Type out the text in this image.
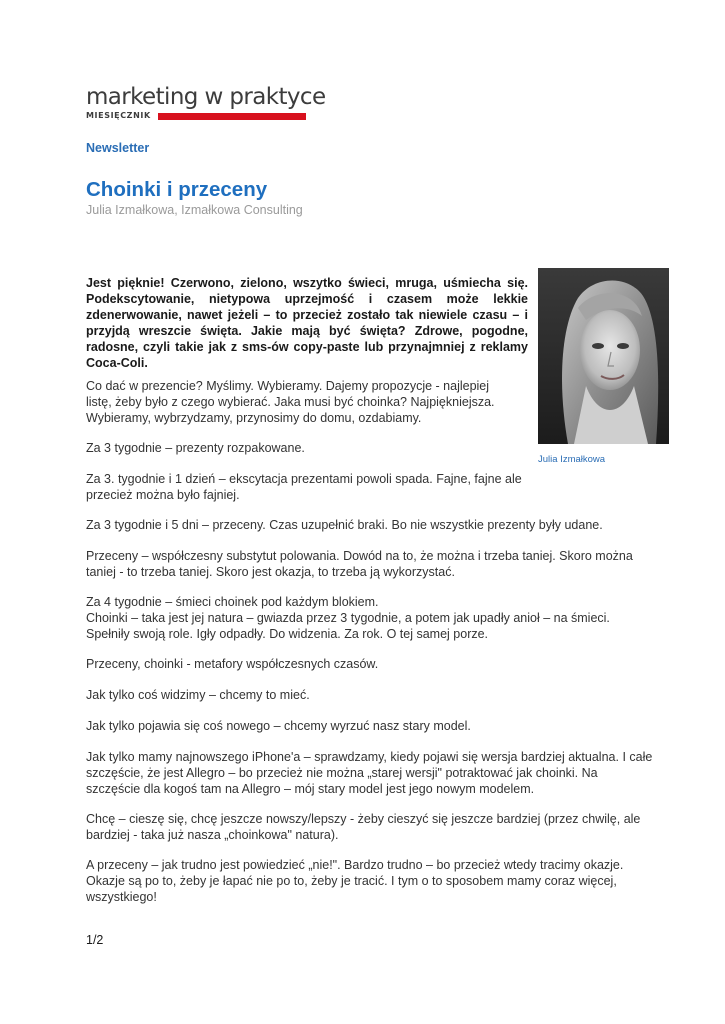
marketing w praktyce
MIESIĘCZNIK

Newsletter

Choinki i przeceny

Julia Izmałkowa, Izmałkowa Consulting

Jest pięknie! Czerwono, zielono, wszytko świeci, mruga, uśmiecha się. Podekscytowanie, nietypowa uprzejmość i czasem może lekkie zdenerwowanie, nawet jeżeli – to przecież zostało tak niewiele czasu – i przyjdą wreszcie święta. Jakie mają być święta? Zdrowe, pogodne, radosne, czyli takie jak z sms-ów copy-paste lub przynajmniej z reklamy Coca-Coli.

Julia Izmałkowa

Co dać w prezencie? Myślimy. Wybieramy. Dajemy propozycje - najlepiej
listę, żeby było z czego wybierać. Jaka musi być choinka? Najpiękniejsza.
Wybieramy, wybrzydzamy, przynosimy do domu, ozdabiamy.
Za 3 tygodnie – prezenty rozpakowane.
Za 3. tygodnie i 1 dzień – ekscytacja prezentami powoli spada. Fajne, fajne ale
przecież można było fajniej.
Za 3 tygodnie i 5 dni – przeceny. Czas uzupełnić braki. Bo nie wszystkie prezenty były udane.
Przeceny – współczesny substytut polowania. Dowód na to, że można i trzeba taniej. Skoro można
taniej - to trzeba taniej. Skoro jest okazja, to trzeba ją wykorzystać.
Za 4 tygodnie – śmieci choinek pod każdym blokiem.
Choinki – taka jest jej natura – gwiazda przez 3 tygodnie, a potem jak upadły anioł – na śmieci.
Spełniły swoją role. Igły odpadły. Do widzenia. Za rok. O tej samej porze.
Przeceny, choinki - metafory współczesnych czasów.
Jak tylko coś widzimy – chcemy to mieć.
Jak tylko pojawia się coś nowego – chcemy wyrzuć nasz stary model.
Jak tylko mamy najnowszego iPhone'a – sprawdzamy, kiedy pojawi się wersja bardziej aktualna. I całe
szczęście, że jest Allegro – bo przecież nie można „starej wersji" potraktować jak choinki. Na
szczęście dla kogoś tam na Allegro – mój stary model jest jego nowym modelem.
Chcę – cieszę się, chcę jeszcze nowszy/lepszy - żeby cieszyć się jeszcze bardziej (przez chwilę, ale
bardziej - taka już nasza „choinkowa" natura).
A przeceny – jak trudno jest powiedzieć „nie!". Bardzo trudno – bo przecież wtedy tracimy okazje.
Okazje są po to, żeby je łapać nie po to, żeby je tracić. I tym o to sposobem mamy coraz więcej,
wszystkiego!

1/2
